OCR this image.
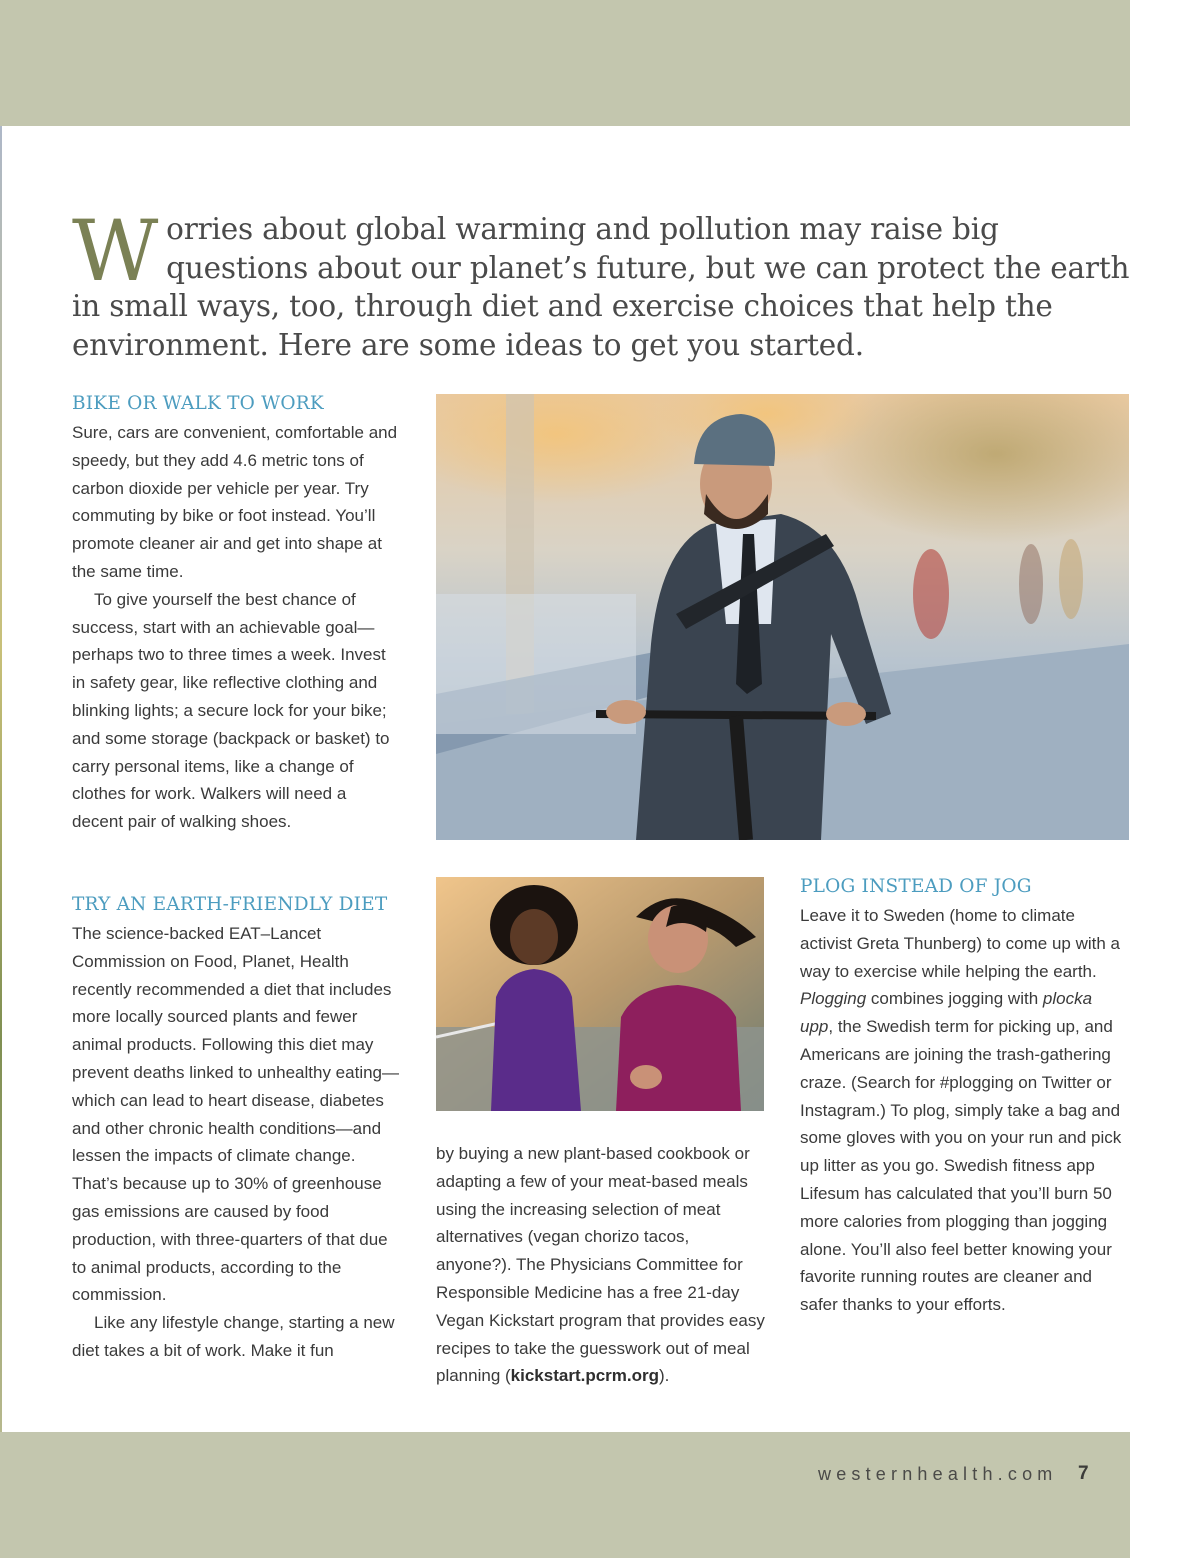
Worries about global warming and pollution may raise big questions about our planet’s future, but we can protect the earth in small ways, too, through diet and exercise choices that help the environment. Here are some ideas to get you started.
BIKE OR WALK TO WORK

Sure, cars are convenient, comfortable and speedy, but they add 4.6 metric tons of carbon dioxide per vehicle per year. Try commuting by bike or foot instead. You’ll promote cleaner air and get into shape at the same time.

To give yourself the best chance of success, start with an achievable goal—perhaps two to three times a week. Invest in safety gear, like reflective clothing and blinking lights; a secure lock for your bike; and some storage (backpack or basket) to carry personal items, like a change of clothes for work. Walkers will need a decent pair of walking shoes.

TRY AN EARTH-FRIENDLY DIET

The science-backed EAT–Lancet Commission on Food, Planet, Health recently recommended a diet that includes more locally sourced plants and fewer animal products. Following this diet may prevent deaths linked to unhealthy eating—which can lead to heart disease, diabetes and other chronic health conditions—and lessen the impacts of climate change. That’s because up to 30% of greenhouse gas emissions are caused by food production, with three-quarters of that due to animal products, according to the commission.

Like any lifestyle change, starting a new diet takes a bit of work. Make it fun

by buying a new plant-based cookbook or adapting a few of your meat-based meals using the increasing selection of meat alternatives (vegan chorizo tacos, anyone?). The Physicians Committee for Responsible Medicine has a free 21-day Vegan Kickstart program that provides easy recipes to take the guesswork out of meal planning (kickstart.pcrm.org).

PLOG INSTEAD OF JOG

Leave it to Sweden (home to climate activist Greta Thunberg) to come up with a way to exercise while helping the earth. Plogging combines jogging with plocka upp, the Swedish term for picking up, and Americans are joining the trash-gathering craze. (Search for #plogging on Twitter or Instagram.) To plog, simply take a bag and some gloves with you on your run and pick up litter as you go. Swedish fitness app Lifesum has calculated that you’ll burn 50 more calories from plogging than jogging alone. You’ll also feel better knowing your favorite running routes are cleaner and safer thanks to your efforts.

westernhealth.com 7
